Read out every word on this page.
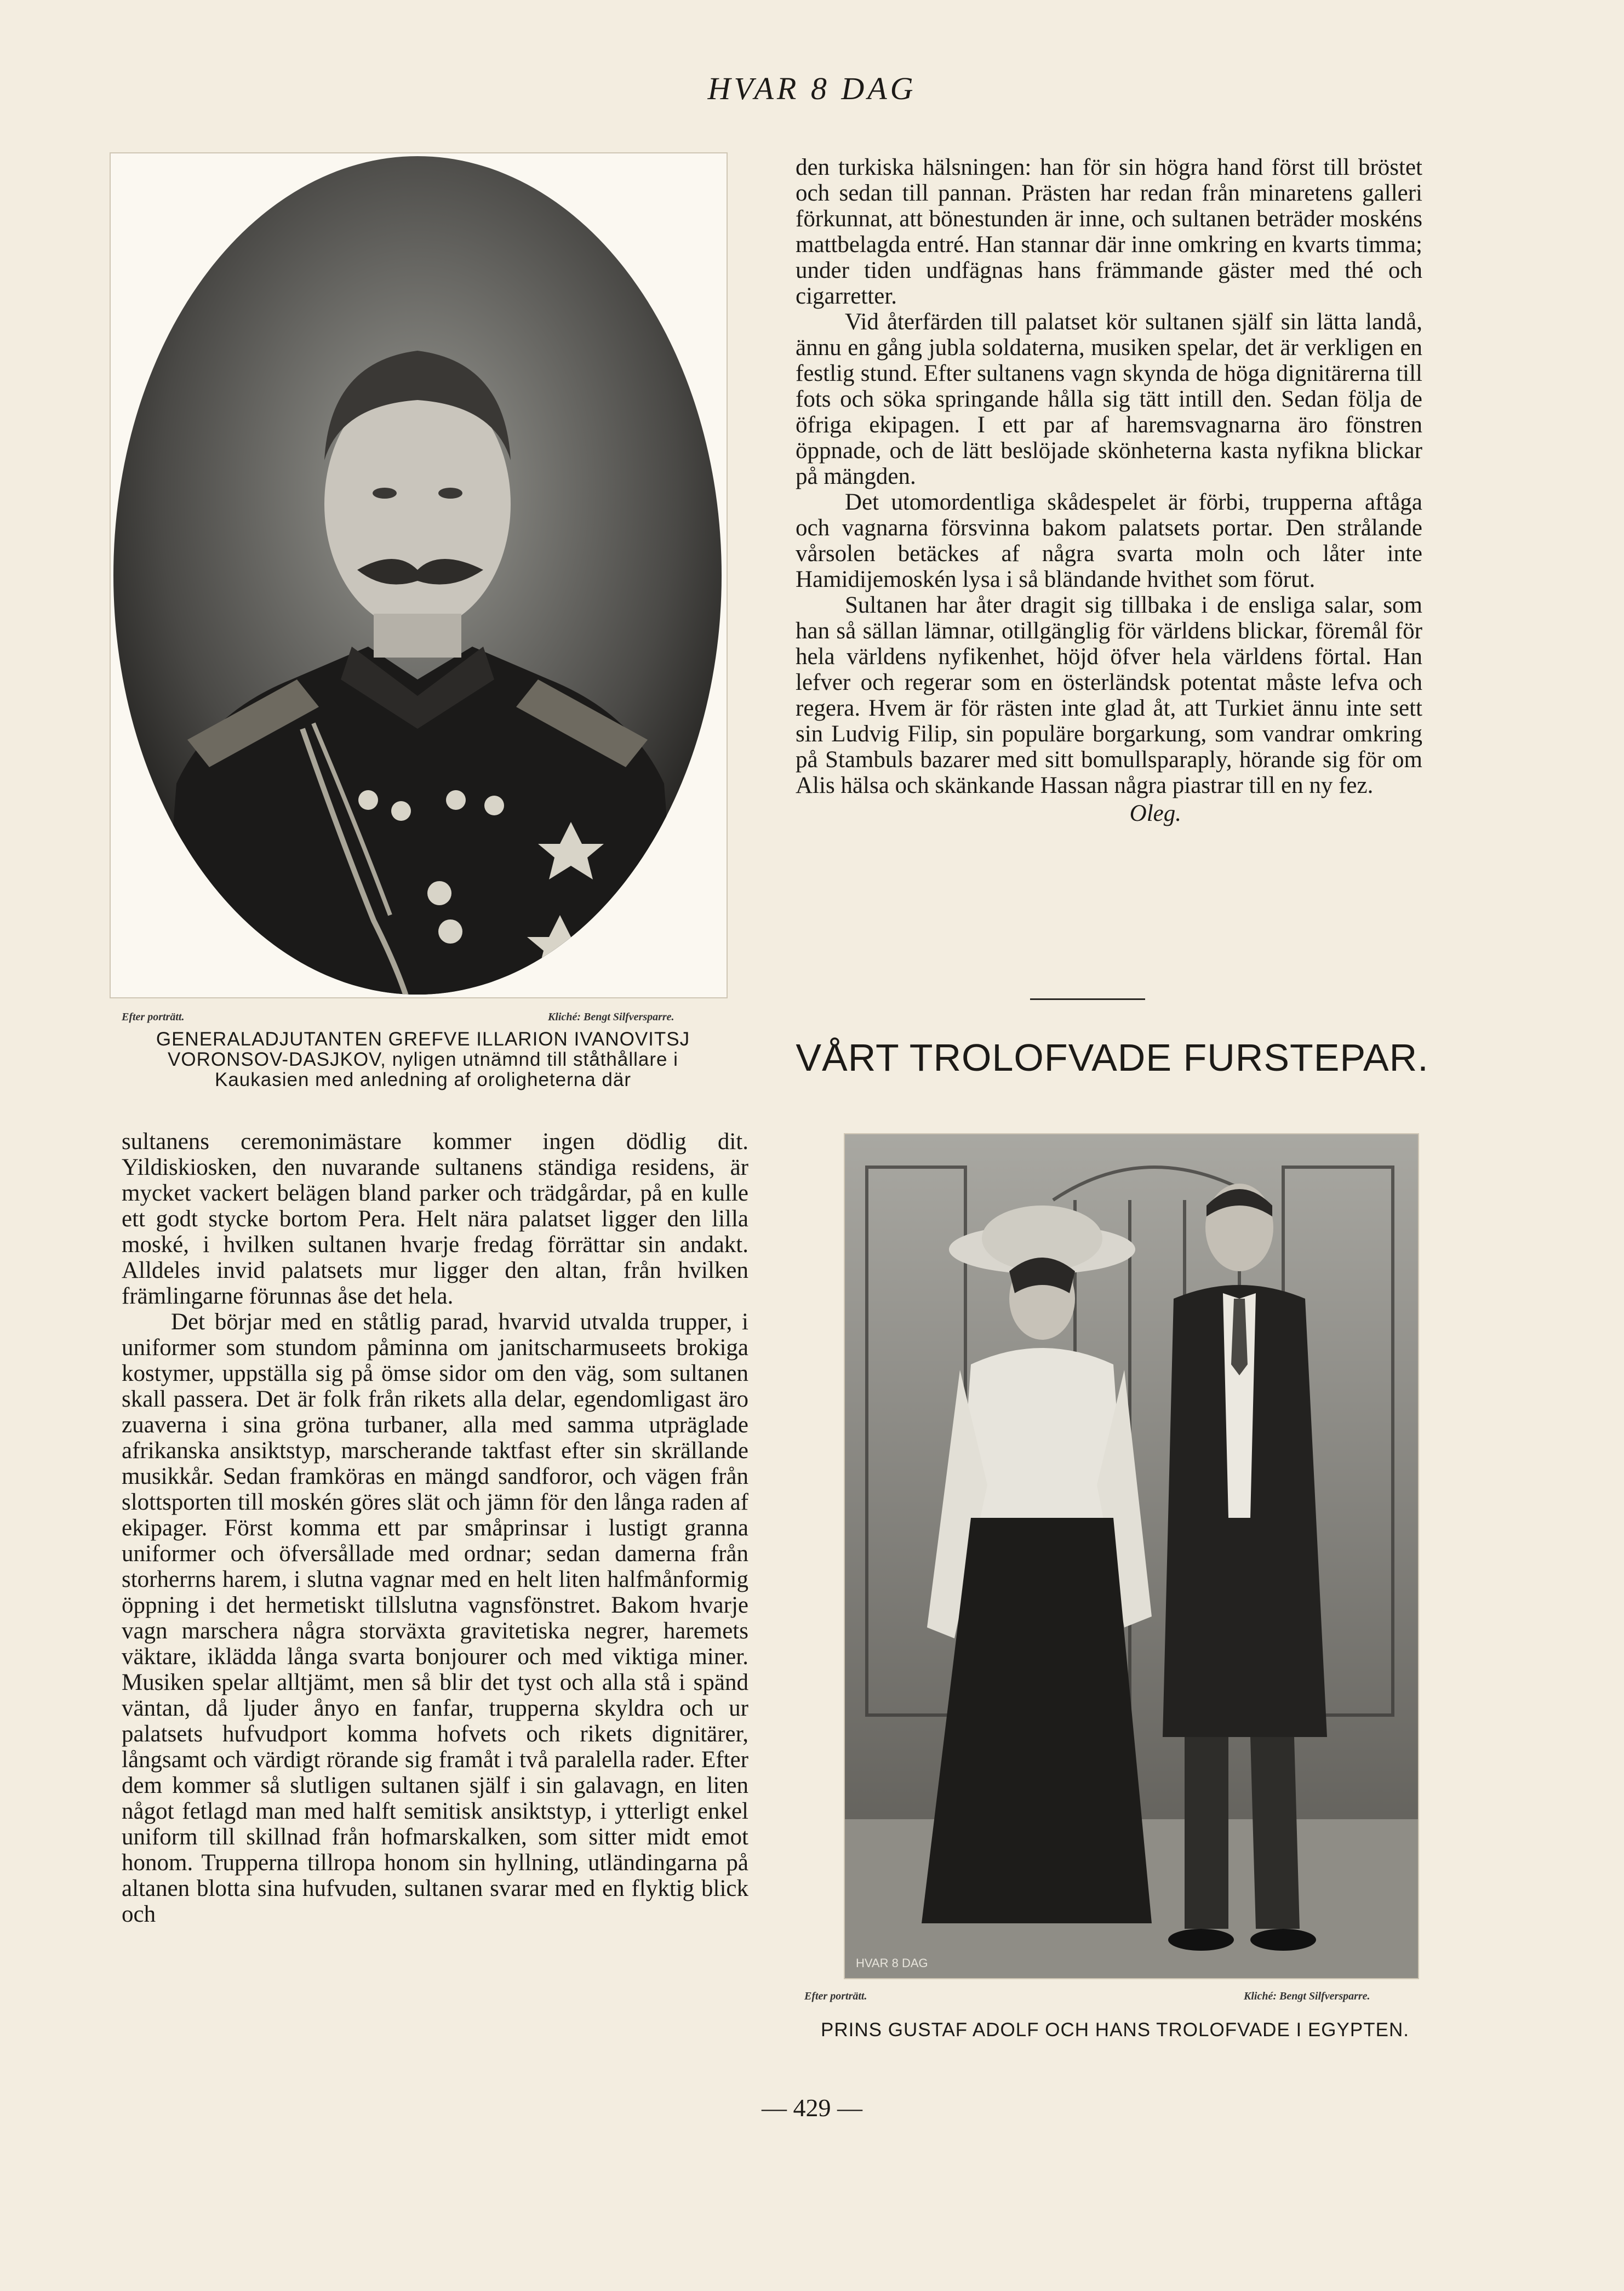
HVAR 8 DAG
Efter porträtt.	Kliché: Bengt Silfversparre.
GENERALADJUTANTEN GREFVE ILLARION IVANOVITSJ VORONSOV-DASJKOV, nyligen utnämnd till ståthållare i Kaukasien med anledning af oroligheterna där

sultanens ceremonimästare kommer ingen dödlig dit. Yildiskiosken, den nuvarande sultanens ständiga residens, är mycket vackert belägen bland parker och trädgårdar, på en kulle ett godt stycke bortom Pera. Helt nära palatset ligger den lilla moské, i hvilken sultanen hvarje fredag förrättar sin andakt. Alldeles invid palatsets mur ligger den altan, från hvilken främlingarne förunnas åse det hela.

Det börjar med en ståtlig parad, hvarvid utvalda trupper, i uniformer som stundom påminna om janitscharmuseets brokiga kostymer, uppställa sig på ömse sidor om den väg, som sultanen skall passera. Det är folk från rikets alla delar, egendomligast äro zuaverna i sina gröna turbaner, alla med samma utpräglade afrikanska ansiktstyp, marscherande taktfast efter sin skrällande musikkår. Sedan framköras en mängd sandforor, och vägen från slottsporten till moskén göres slät och jämn för den långa raden af ekipager. Först komma ett par småprinsar i lustigt granna uniformer och öfversållade med ordnar; sedan damerna från storherrns harem, i slutna vagnar med en helt liten halfmånformig öppning i det hermetiskt tillslutna vagnsfönstret. Bakom hvarje vagn marschera några storväxta gravitetiska negrer, haremets väktare, iklädda långa svarta bonjourer och med viktiga miner. Musiken spelar alltjämt, men så blir det tyst och alla stå i spänd väntan, då ljuder ånyo en fanfar, trupperna skyldra och ur palatsets hufvudport komma hofvets och rikets dignitärer, långsamt och värdigt rörande sig framåt i två paralella rader. Efter dem kommer så slutligen sultanen själf i sin galavagn, en liten något fetlagd man med halft semitisk ansiktstyp, i ytterligt enkel uniform till skillnad från hofmarskalken, som sitter midt emot honom. Trupperna tillropa honom sin hyllning, utländingarna på altanen blotta sina hufvuden, sultanen svarar med en flyktig blick och

den turkiska hälsningen: han för sin högra hand först till bröstet och sedan till pannan. Prästen har redan från minaretens galleri förkunnat, att bönestunden är inne, och sultanen beträder moskéns mattbelagda entré. Han stannar där inne omkring en kvarts timma; under tiden undfägnas hans främmande gäster med thé och cigarretter.

Vid återfärden till palatset kör sultanen själf sin lätta landå, ännu en gång jubla soldaterna, musiken spelar, det är verkligen en festlig stund. Efter sultanens vagn skynda de höga dignitärerna till fots och söka springande hålla sig tätt intill den. Sedan följa de öfriga ekipagen. I ett par af haremsvagnarna äro fönstren öppnade, och de lätt beslöjade skönheterna kasta nyfikna blickar på mängden.

Det utomordentliga skådespelet är förbi, trupperna aftåga och vagnarna försvinna bakom palatsets portar. Den strålande vårsolen betäckes af några svarta moln och låter inte Hamidijemoskén lysa i så bländande hvithet som förut.

Sultanen har åter dragit sig tillbaka i de ensliga salar, som han så sällan lämnar, otillgänglig för världens blickar, föremål för hela världens nyfikenhet, höjd öfver hela världens förtal. Han lefver och regerar som en österländsk potentat måste lefva och regera. Hvem är för rästen inte glad åt, att Turkiet ännu inte sett sin Ludvig Filip, sin populäre borgarkung, som vandrar omkring på Stambuls bazarer med sitt bomullsparaply, hörande sig för om Alis hälsa och skänkande Hassan några piastrar till en ny fez.

Oleg.

VÅRT TROLOFVADE FURSTEPAR.
HVAR 8 DAG
Efter porträtt.	Kliché: Bengt Silfversparre.
PRINS GUSTAF ADOLF OCH HANS TROLOFVADE I EGYPTEN.
— 429 —
